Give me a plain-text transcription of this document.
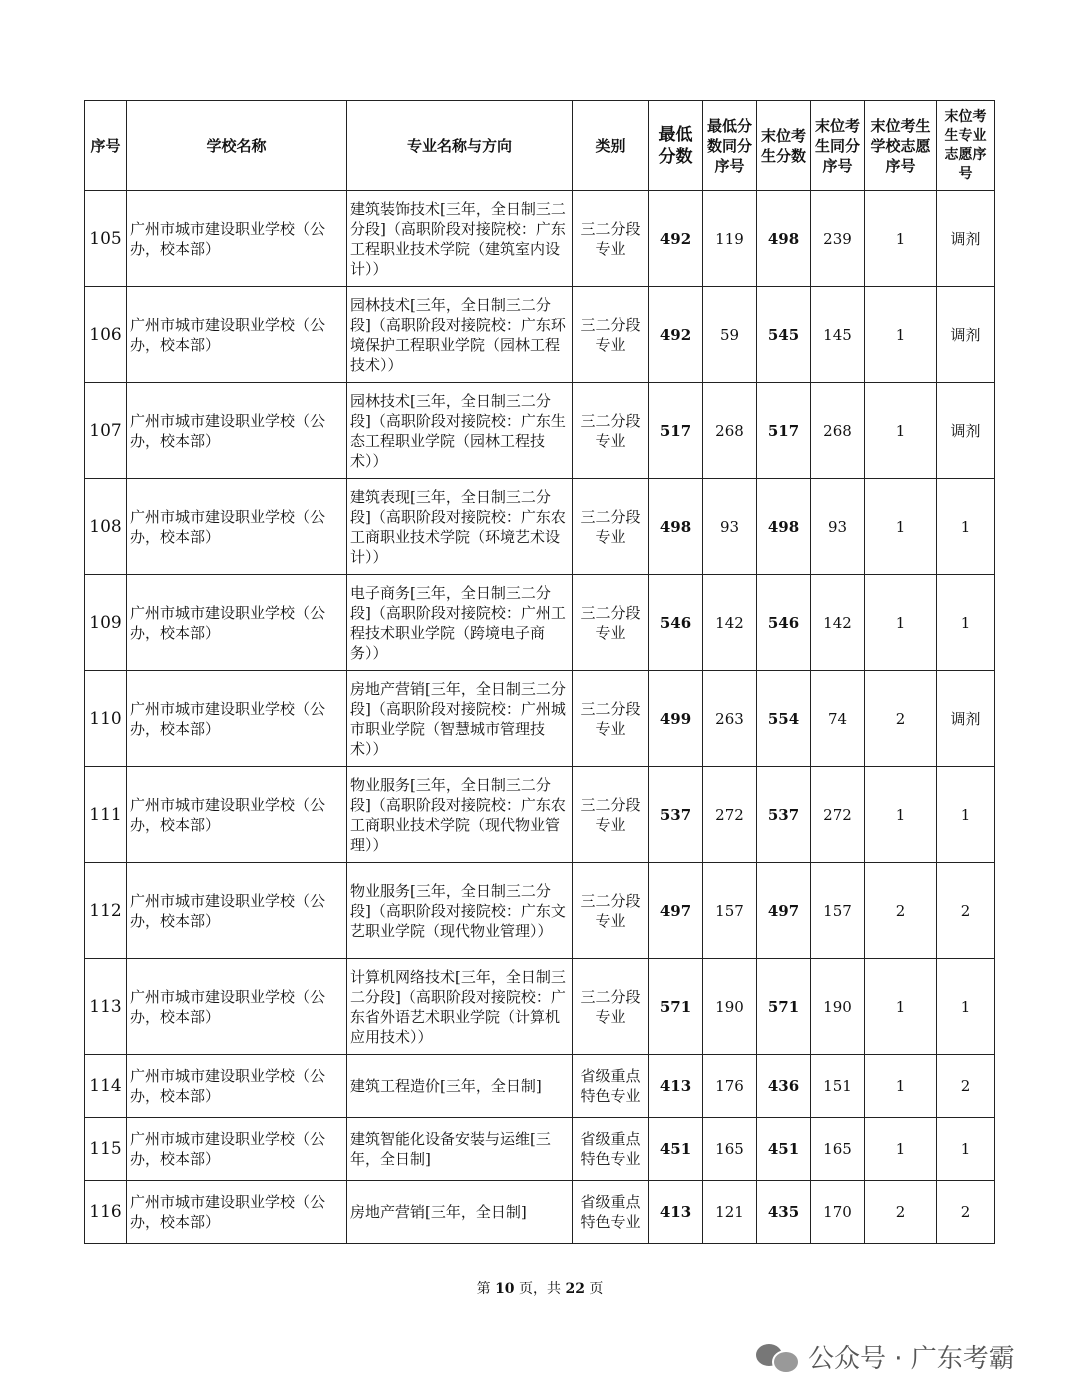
序号	学校名称	专业名称与方向	类别	最低分数	最低分数同分序号	末位考生分数	末位考生同分序号	末位考生学校志愿序号	末位考生专业志愿序号
105	广州市城市建设职业学校（公办，校本部）	建筑装饰技术[三年，全日制三二分段]（高职阶段对接院校：广东工程职业技术学院（建筑室内设计））	三二分段专业	492	119	498	239	1	调剂
106	广州市城市建设职业学校（公办，校本部）	园林技术[三年，全日制三二分段]（高职阶段对接院校：广东环境保护工程职业学院（园林工程技术））	三二分段专业	492	59	545	145	1	调剂
107	广州市城市建设职业学校（公办，校本部）	园林技术[三年，全日制三二分段]（高职阶段对接院校：广东生态工程职业学院（园林工程技术））	三二分段专业	517	268	517	268	1	调剂
108	广州市城市建设职业学校（公办，校本部）	建筑表现[三年，全日制三二分段]（高职阶段对接院校：广东农工商职业技术学院（环境艺术设计））	三二分段专业	498	93	498	93	1	1
109	广州市城市建设职业学校（公办，校本部）	电子商务[三年，全日制三二分段]（高职阶段对接院校：广州工程技术职业学院（跨境电子商务））	三二分段专业	546	142	546	142	1	1
110	广州市城市建设职业学校（公办，校本部）	房地产营销[三年，全日制三二分段]（高职阶段对接院校：广州城市职业学院（智慧城市管理技术））	三二分段专业	499	263	554	74	2	调剂
111	广州市城市建设职业学校（公办，校本部）	物业服务[三年，全日制三二分段]（高职阶段对接院校：广东农工商职业技术学院（现代物业管理））	三二分段专业	537	272	537	272	1	1
112	广州市城市建设职业学校（公办，校本部）	物业服务[三年，全日制三二分段]（高职阶段对接院校：广东文艺职业学院（现代物业管理））	三二分段专业	497	157	497	157	2	2
113	广州市城市建设职业学校（公办，校本部）	计算机网络技术[三年，全日制三二分段]（高职阶段对接院校：广东省外语艺术职业学院（计算机应用技术））	三二分段专业	571	190	571	190	1	1
114	广州市城市建设职业学校（公办，校本部）	建筑工程造价[三年，全日制]	省级重点特色专业	413	176	436	151	1	2
115	广州市城市建设职业学校（公办，校本部）	建筑智能化设备安装与运维[三年，全日制]	省级重点特色专业	451	165	451	165	1	1
116	广州市城市建设职业学校（公办，校本部）	房地产营销[三年，全日制]	省级重点特色专业	413	121	435	170	2	2
第 10 页，共 22 页
公众号 · 广东考霸
